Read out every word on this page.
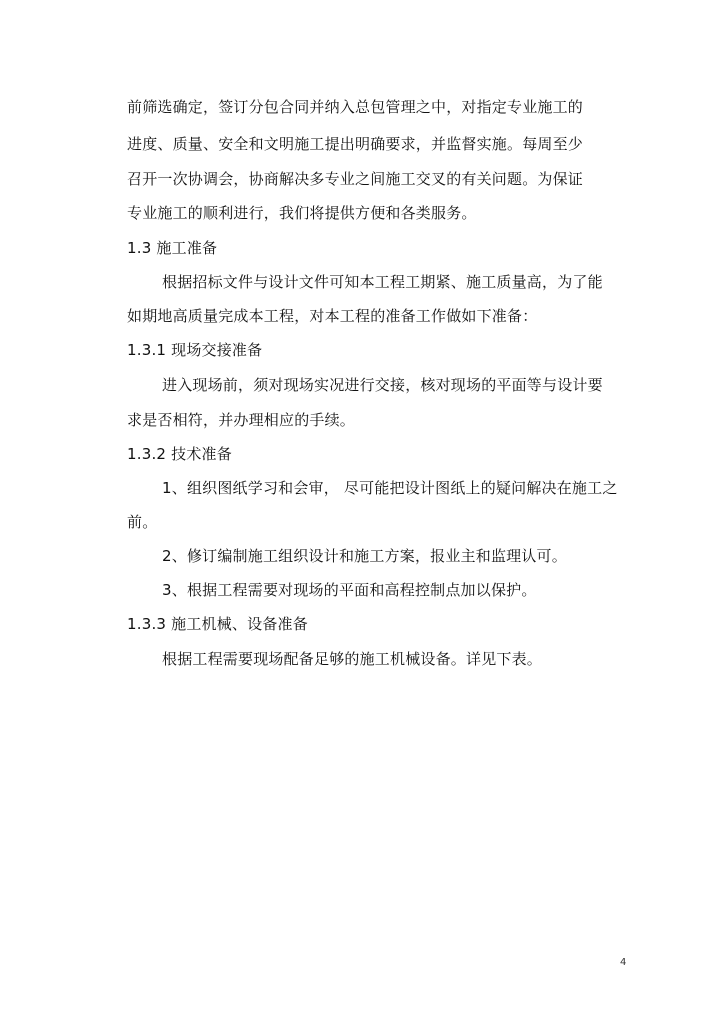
前筛选确定，签订分包合同并纳入总包管理之中，对指定专业施工的
进度、质量、安全和文明施工提出明确要求，并监督实施。每周至少
召开一次协调会，协商解决多专业之间施工交叉的有关问题。为保证
专业施工的顺利进行，我们将提供方便和各类服务。
1.3 施工准备
根据招标文件与设计文件可知本工程工期紧、施工质量高，为了能
如期地高质量完成本工程，对本工程的准备工作做如下准备：
1.3.1 现场交接准备
进入现场前，须对现场实况进行交接，核对现场的平面等与设计要
求是否相符，并办理相应的手续。
1.3.2 技术准备
1、组织图纸学习和会审， 尽可能把设计图纸上的疑问解决在施工之
前。
2、修订编制施工组织设计和施工方案，报业主和监理认可。
3、根据工程需要对现场的平面和高程控制点加以保护。
1.3.3 施工机械、设备准备
根据工程需要现场配备足够的施工机械设备。详见下表。
4
